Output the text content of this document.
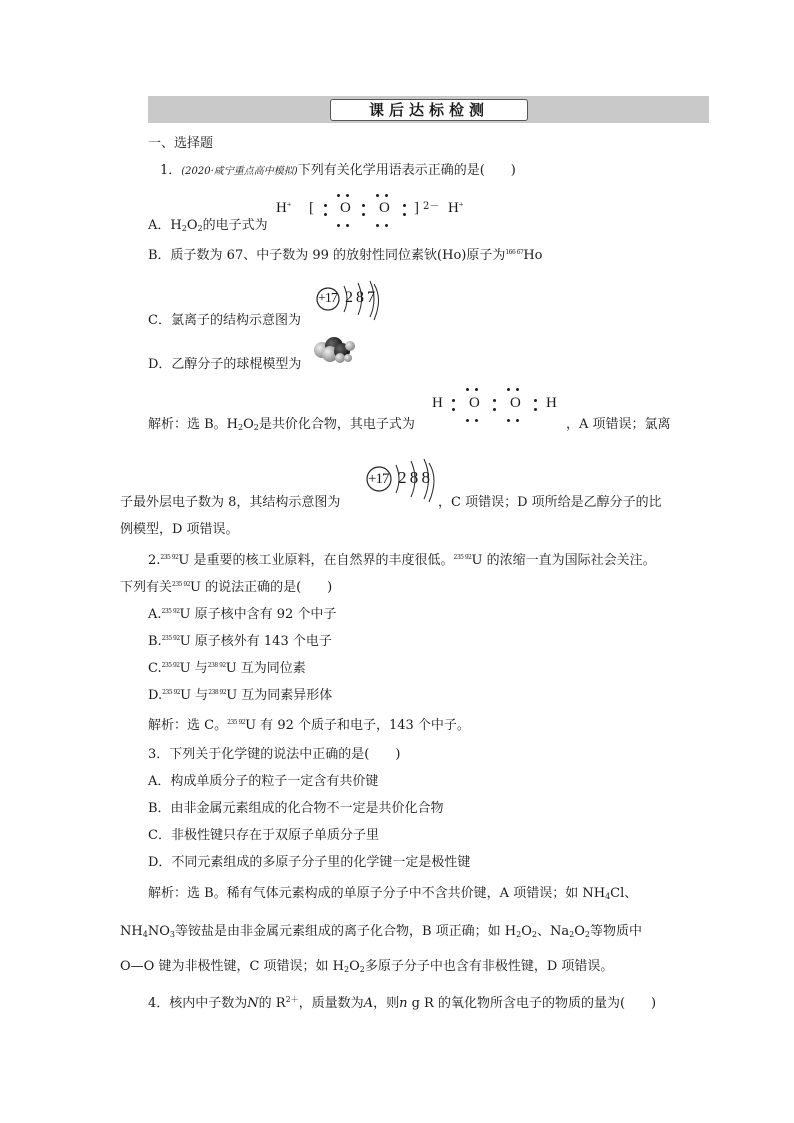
课后达标检测
一、选择题
1．(2020·咸宁重点高中模拟)下列有关化学用语表示正确的是(　　)
A．$H_2O_2$的电子式为
H+ [ O O ] 2－ H+
B．质子数为 67、中子数为 99 的放射性同位素钬(Ho)原子为$^{166 67}$Ho
C．氯离子的结构示意图为
+17 2 8 7
D．乙醇分子的球棍模型为
解析：选 B。$H_2O_2$是共价化合物，其电子式为
H O O H
，A 项错误；氯离
子最外层电子数为 8，其结构示意图为
+17 2 8 8
，C 项错误；D 项所给是乙醇分子的比
例模型，D 项错误。
2.$^{235 92}$U 是重要的核工业原料，在自然界的丰度很低。$^{235 92}$U 的浓缩一直为国际社会关注。
下列有关$^{235 92}$U 的说法正确的是(　　)
A.$^{235 92}$U 原子核中含有 92 个中子
B.$^{235 92}$U 原子核外有 143 个电子
C.$^{235 92}$U 与$^{238 92}$U 互为同位素
D.$^{235 92}$U 与$^{238 92}$U 互为同素异形体
解析：选 C。$^{235 92}$U 有 92 个质子和电子，143 个中子。
3．下列关于化学键的说法中正确的是(　　)
A．构成单质分子的粒子一定含有共价键
B．由非金属元素组成的化合物不一定是共价化合物
C．非极性键只存在于双原子单质分子里
D．不同元素组成的多原子分子里的化学键一定是极性键
解析：选 B。稀有气体元素构成的单原子分子中不含共价键，A 项错误；如 $NH_4Cl$、
$NH_4NO_3$等铵盐是由非金属元素组成的离子化合物，B 项正确；如 $H_2O_2$、$Na_2O_2$等物质中
O—O 键为非极性键，C 项错误；如 $H_2O_2$多原子分子中也含有非极性键，D 项错误。
4．核内中子数为N的 $R^{2+}$，质量数为A，则n g R 的氧化物所含电子的物质的量为(　　)
